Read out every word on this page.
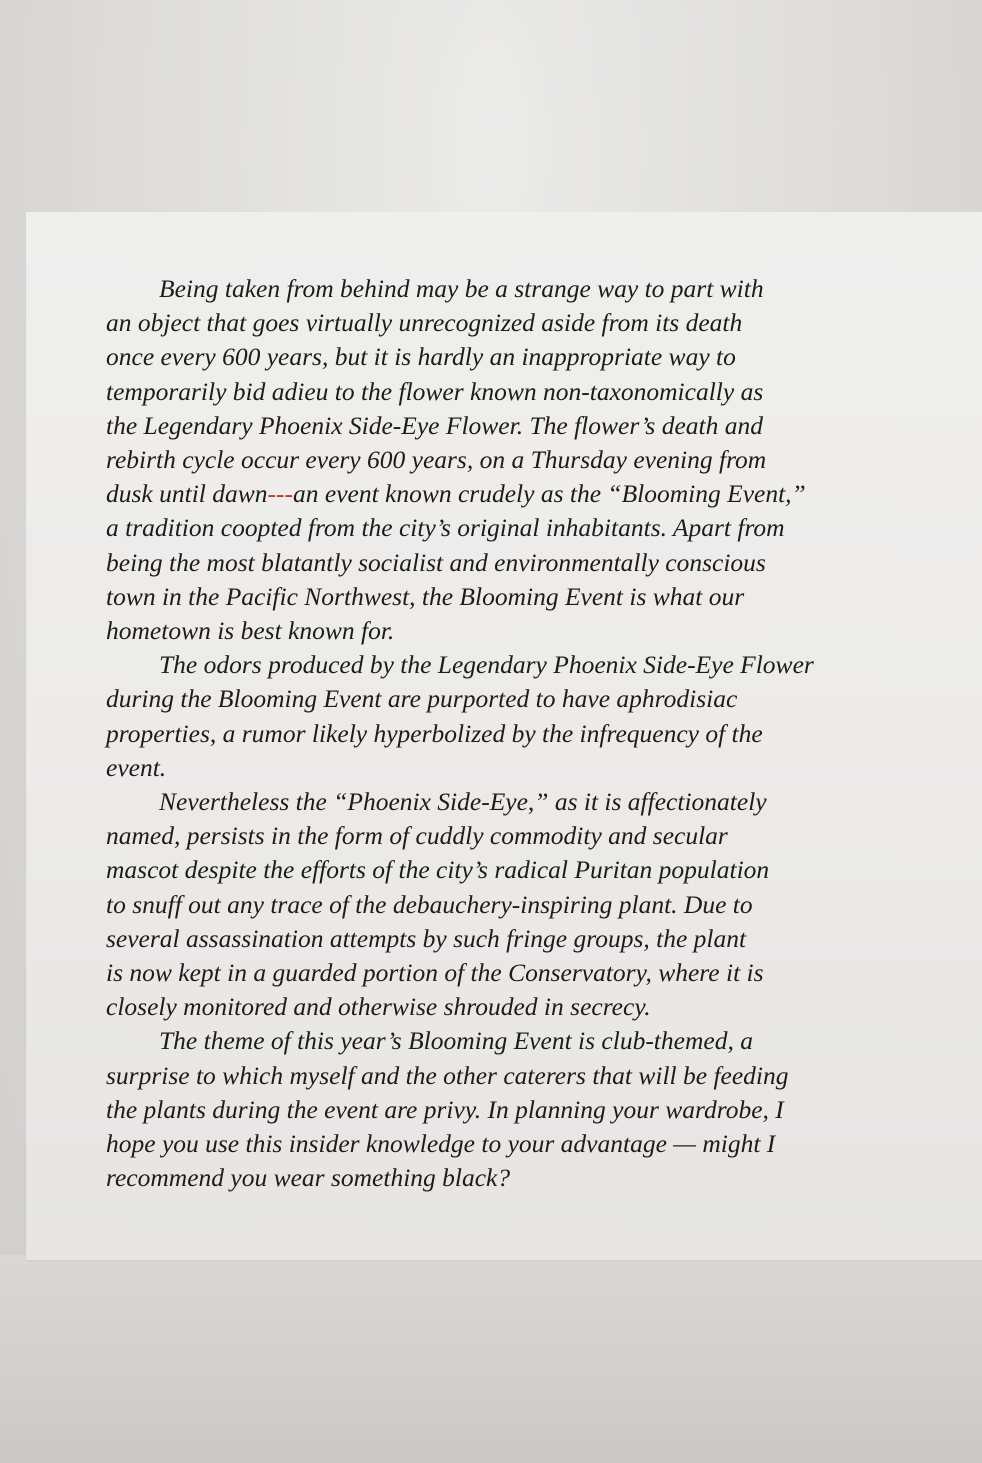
Being taken from behind may be a strange way to part with
an object that goes virtually unrecognized aside from its death
once every 600 years, but it is hardly an inappropriate way to
temporarily bid adieu to the flower known non-taxonomically as
the Legendary Phoenix Side-Eye Flower. The flower’s death and
rebirth cycle occur every 600 years, on a Thursday evening from
dusk until dawn---an event known crudely as the “Blooming Event,”
a tradition coopted from the city’s original inhabitants. Apart from
being the most blatantly socialist and environmentally conscious
town in the Pacific Northwest, the Blooming Event is what our
hometown is best known for.
The odors produced by the Legendary Phoenix Side-Eye Flower
during the Blooming Event are purported to have aphrodisiac
properties, a rumor likely hyperbolized by the infrequency of the
event.
Nevertheless the “Phoenix Side-Eye,” as it is affectionately
named, persists in the form of cuddly commodity and secular
mascot despite the efforts of the city’s radical Puritan population
to snuff out any trace of the debauchery-inspiring plant. Due to
several assassination attempts by such fringe groups, the plant
is now kept in a guarded portion of the Conservatory, where it is
closely monitored and otherwise shrouded in secrecy.
The theme of this year’s Blooming Event is club-themed, a
surprise to which myself and the other caterers that will be feeding
the plants during the event are privy. In planning your wardrobe, I
hope you use this insider knowledge to your advantage — might I
recommend you wear something black?
